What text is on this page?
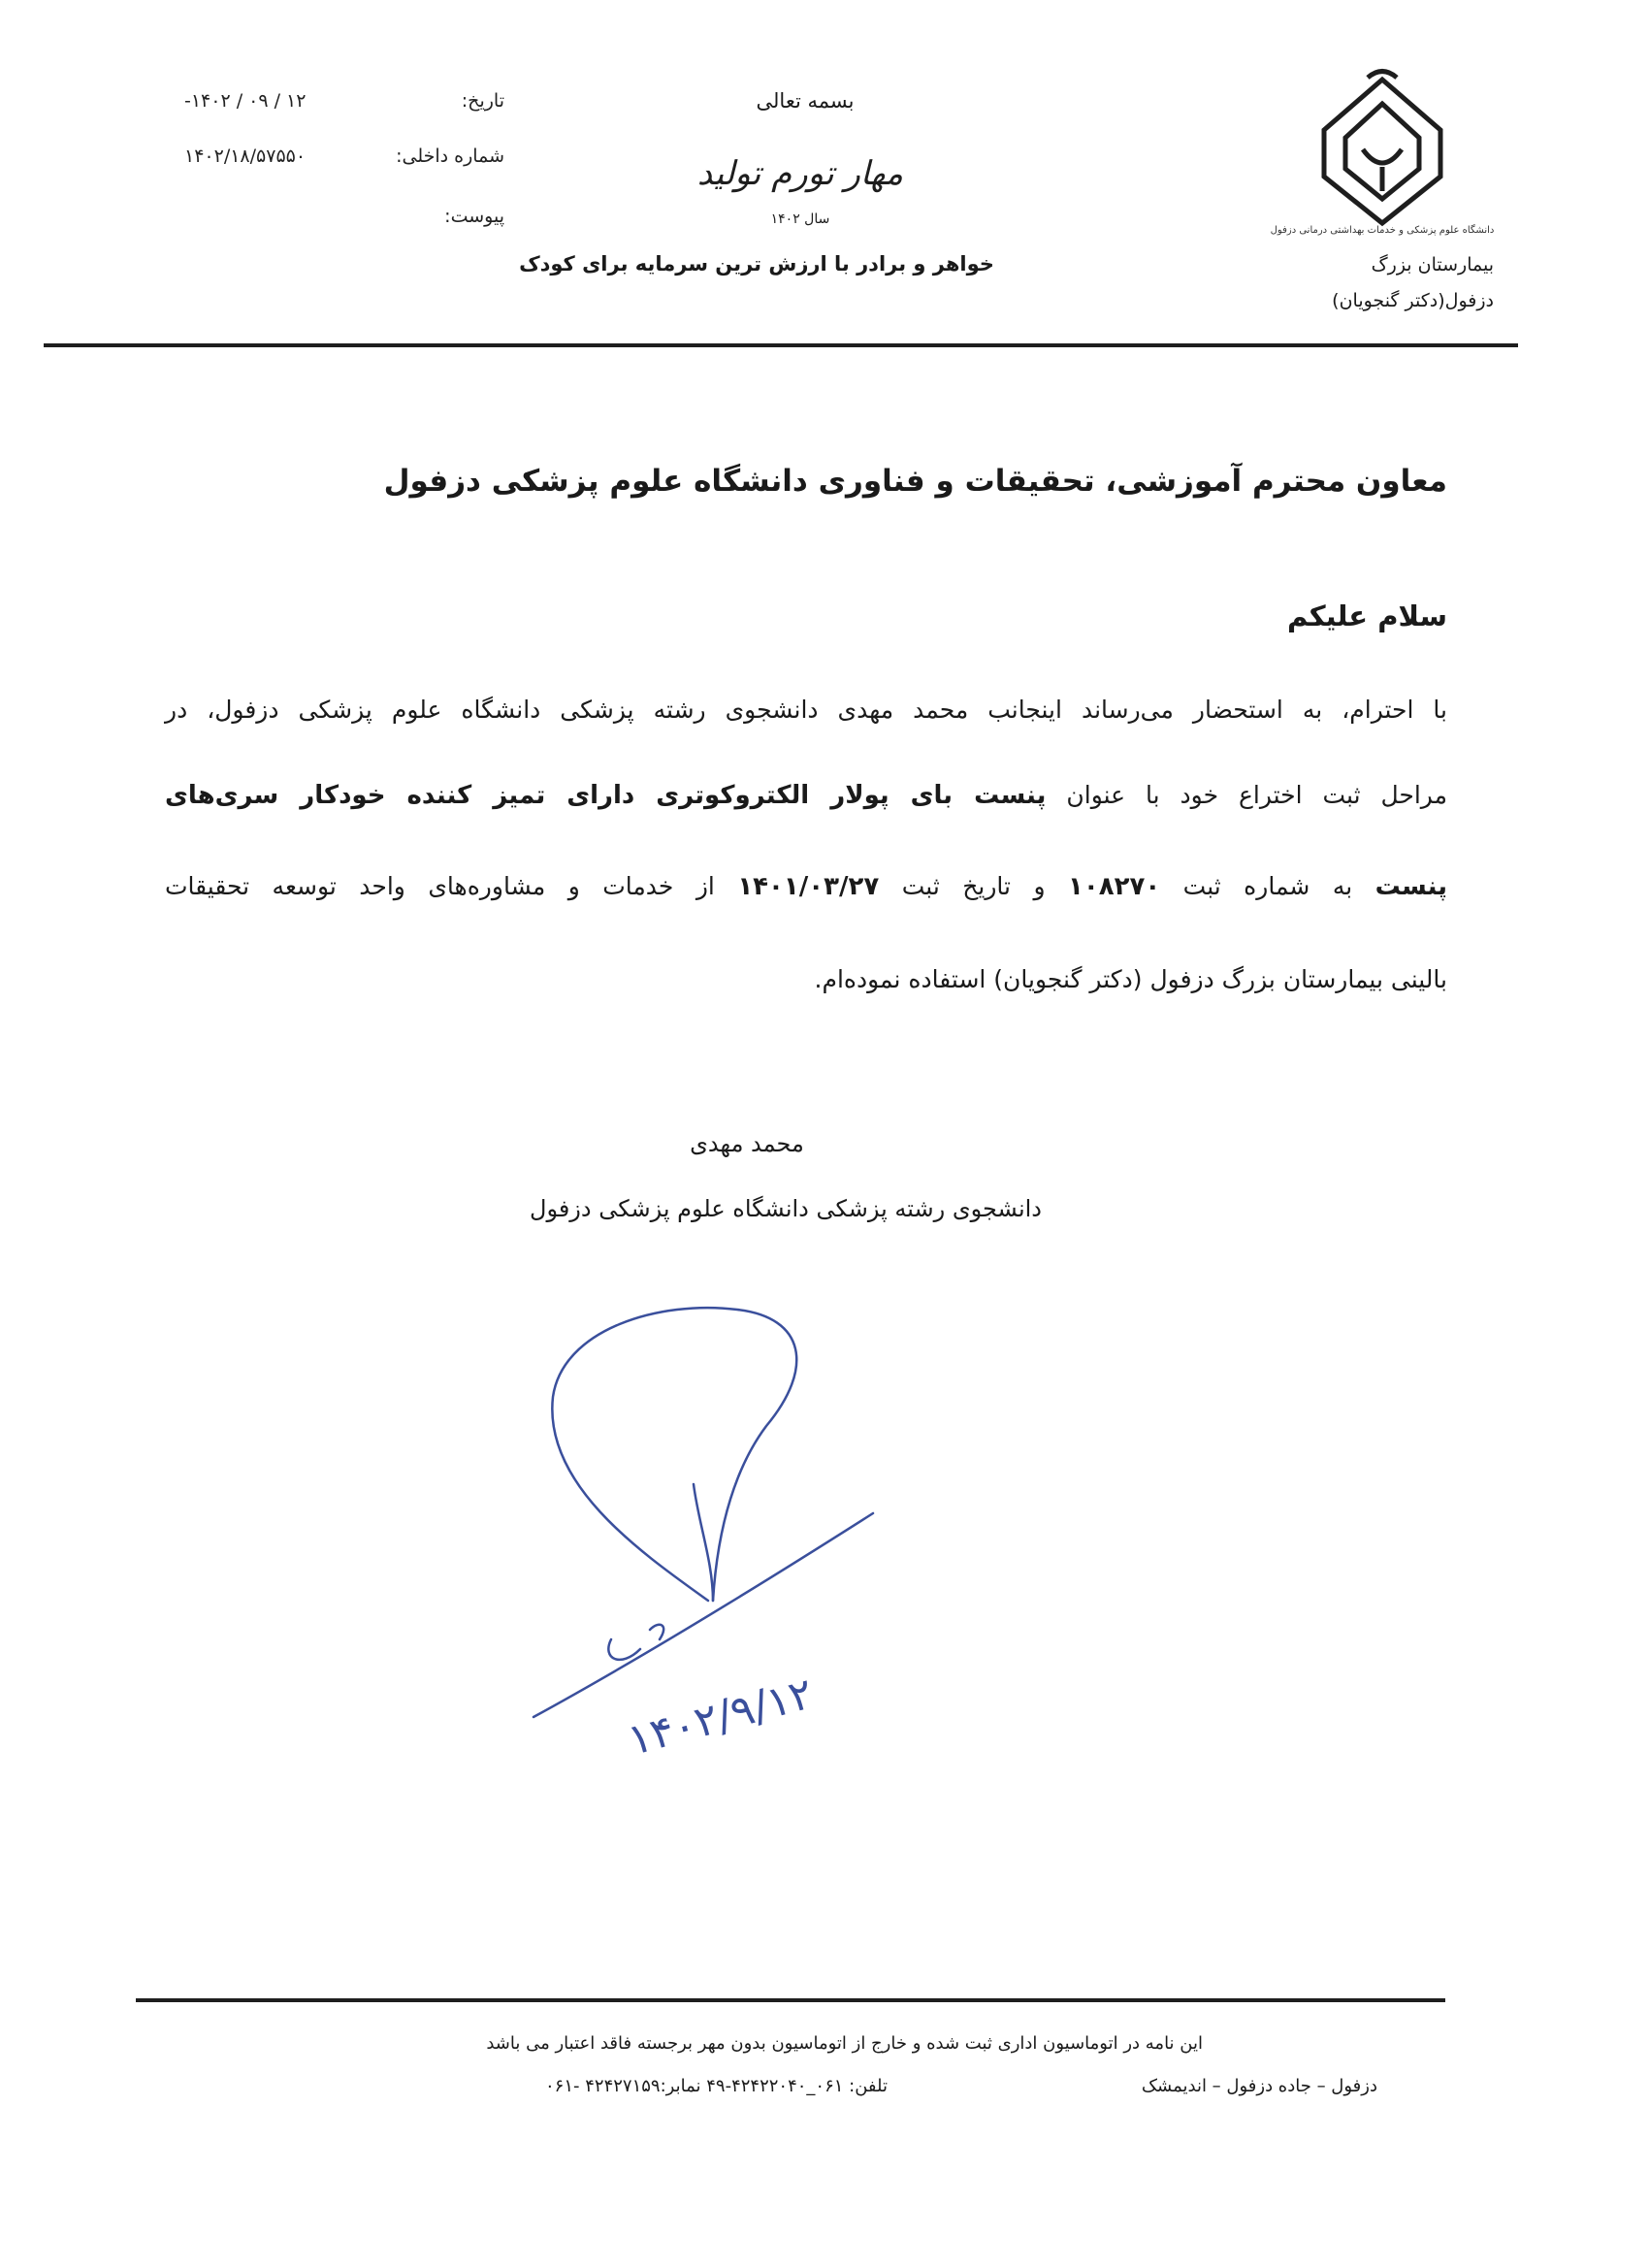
دانشگاه علوم پزشکی و خدمات بهداشتی درمانی دزفول
بیمارستان بزرگ
دزفول(دکتر گنجویان)
بسمه تعالی
مهار تورم تولید
سال ۱۴۰۲
خواهر و برادر با ارزش ترین سرمایه برای کودک
تاریخ:
-۱۴۰۲ / ۰۹ / ۱۲
شماره داخلی:
۱۴۰۲/۱۸/۵۷۵۵۰
پیوست:
معاون محترم آموزشی، تحقیقات و فناوری دانشگاه علوم پزشکی دزفول
سلام علیکم
با احترام، به استحضار می‌رساند اینجانب محمد مهدی دانشجوی رشته پزشکی دانشگاه علوم پزشکی دزفول، در
مراحل ثبت اختراع خود با عنوان پنست بای پولار الکتروکوتری دارای تمیز کننده خودکار سری‌های
پنست به شماره ثبت ۱۰۸۲۷۰ و تاریخ ثبت ۱۴۰۱/۰۳/۲۷ از خدمات و مشاوره‌های واحد توسعه تحقیقات
بالینی بیمارستان بزرگ دزفول (دکتر گنجویان) استفاده نموده‌ام.
محمد مهدی
دانشجوی رشته پزشکی دانشگاه علوم پزشکی دزفول
۱۴۰۲/۹/۱۲
این نامه در اتوماسیون اداری ثبت شده و خارج از اتوماسیون بدون مهر برجسته فاقد اعتبار می باشد
دزفول – جاده دزفول – اندیمشک
تلفن: ۰۶۱_۴۲۴۲۲۰۴۰-۴۹ نمابر:۴۲۴۲۷۱۵۹ -۰۶۱
